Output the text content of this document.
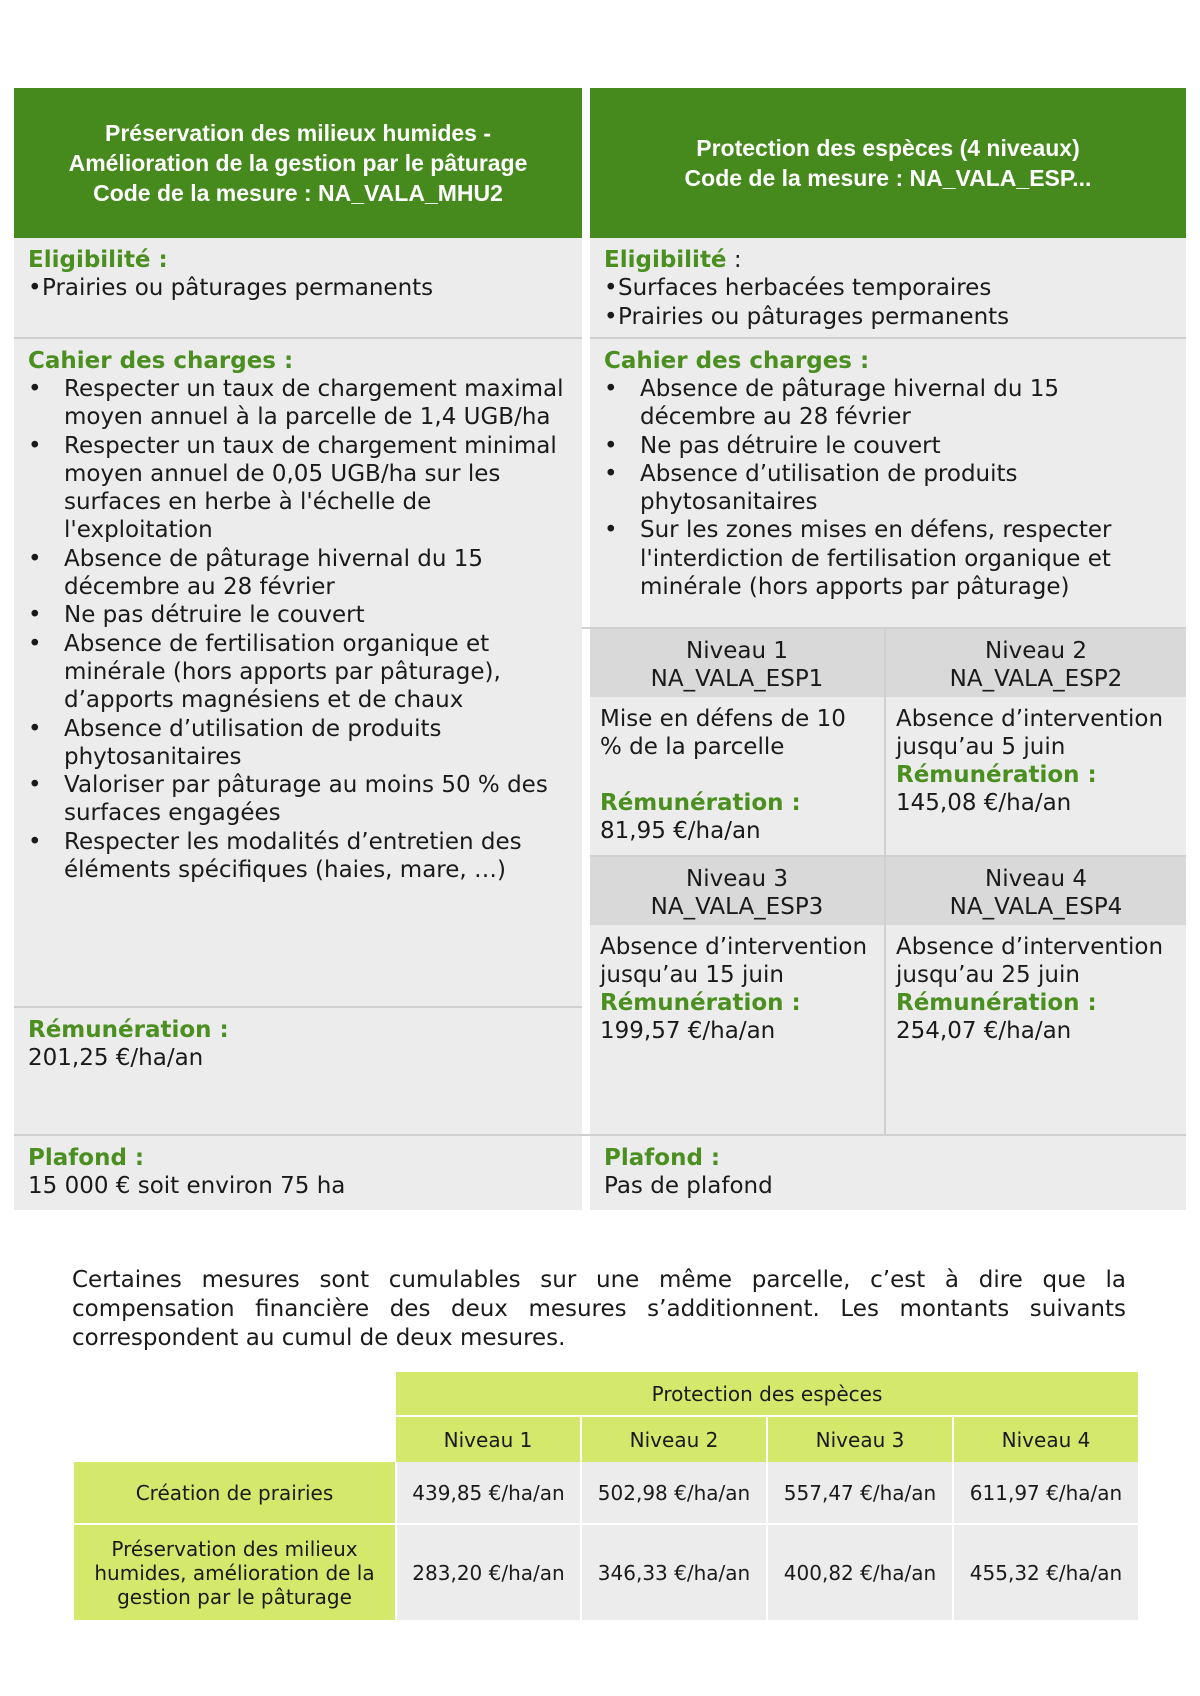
Préservation des milieux humides -
Amélioration de la gestion par le pâturage
Code de la mesure : NA_VALA_MHU2
Eligibilité :
• Prairies ou pâturages permanents
Cahier des charges :
• Respecter un taux de chargement maximal moyen annuel à la parcelle de 1,4 UGB/ha
• Respecter un taux de chargement minimal moyen annuel de 0,05 UGB/ha sur les surfaces en herbe à l'échelle de l'exploitation
• Absence de pâturage hivernal du 15 décembre au 28 février
• Ne pas détruire le couvert
• Absence de fertilisation organique et minérale (hors apports par pâturage), d’apports magnésiens et de chaux
• Absence d’utilisation de produits phytosanitaires
• Valoriser par pâturage au moins 50 % des surfaces engagées
• Respecter les modalités d’entretien des éléments spécifiques (haies, mare, …)
Rémunération :
201,25 €/ha/an
Plafond :
15 000 € soit environ 75 ha
Protection des espèces (4 niveaux)
Code de la mesure : NA_VALA_ESP...
Eligibilité :
• Surfaces herbacées temporaires
• Prairies ou pâturages permanents
Cahier des charges :
• Absence de pâturage hivernal du 15 décembre au 28 février
• Ne pas détruire le couvert
• Absence d’utilisation de produits phytosanitaires
• Sur les zones mises en défens, respecter l'interdiction de fertilisation organique et minérale (hors apports par pâturage)
Niveau 1
NA_VALA_ESP1
Niveau 2
NA_VALA_ESP2
Mise en défens de 10 % de la parcelle
Rémunération :
81,95 €/ha/an
Absence d’intervention jusqu’au 5 juin
Rémunération :
145,08 €/ha/an
Niveau 3
NA_VALA_ESP3
Niveau 4
NA_VALA_ESP4
Absence d’intervention jusqu’au 15 juin
Rémunération :
199,57 €/ha/an
Absence d’intervention jusqu’au 25 juin
Rémunération :
254,07 €/ha/an
Plafond :
Pas de plafond
Certaines mesures sont cumulables sur une même parcelle, c’est à dire que la compensation financière des deux mesures s’additionnent. Les montants suivants correspondent au cumul de deux mesures.
	Protection des espèces			
	Niveau 1	Niveau 2	Niveau 3	Niveau 4
Création de prairies	439,85 €/ha/an	502,98 €/ha/an	557,47 €/ha/an	611,97 €/ha/an
Préservation des milieux humides, amélioration de la gestion par le pâturage	283,20 €/ha/an	346,33 €/ha/an	400,82 €/ha/an	455,32 €/ha/an
